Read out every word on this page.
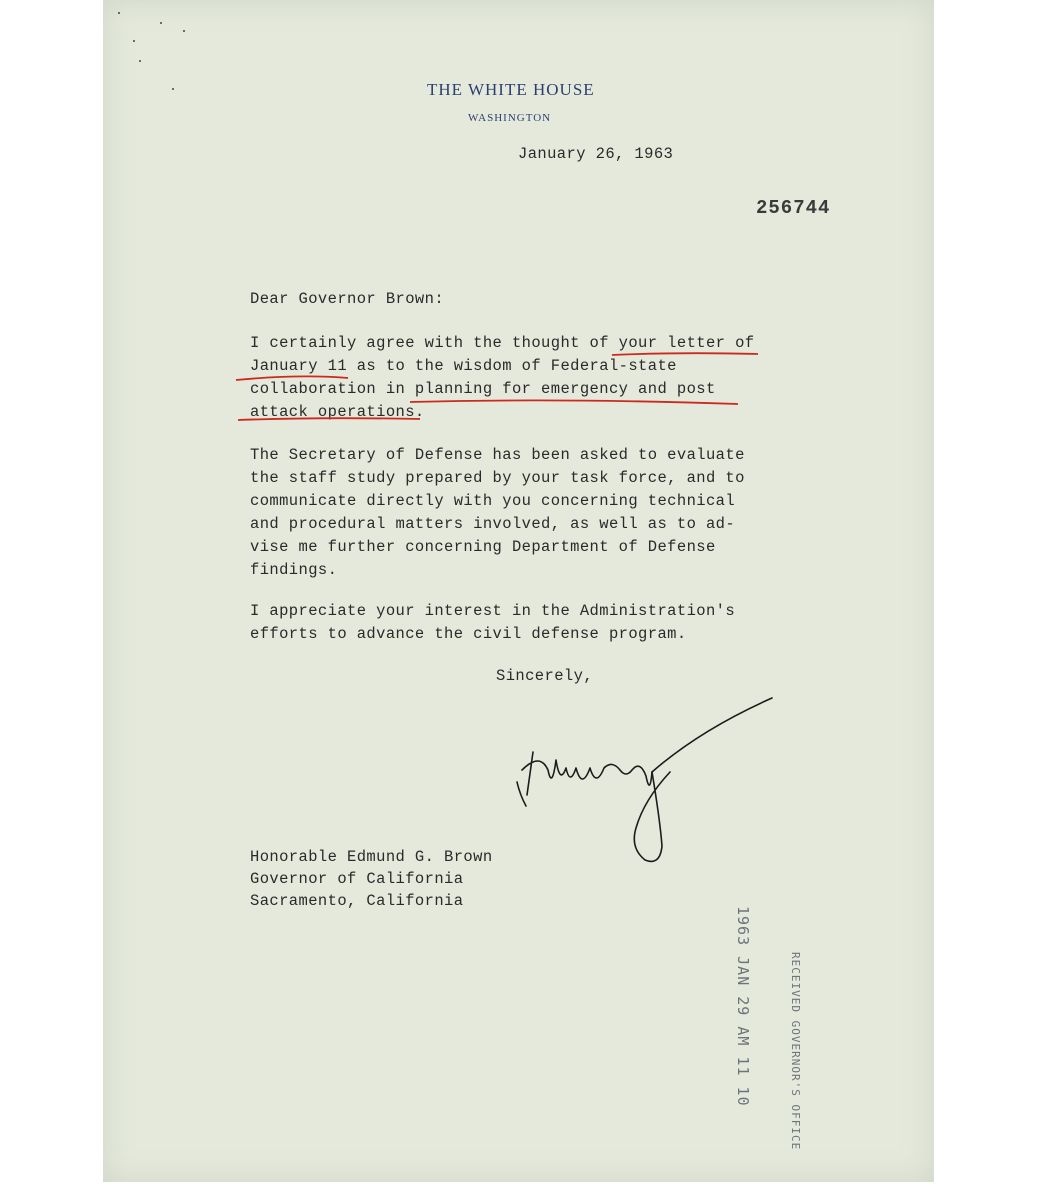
THE WHITE HOUSE
WASHINGTON
January 26, 1963
256744
Dear Governor Brown:
I certainly agree with the thought of your letter of
January 11 as to the wisdom of Federal-state
collaboration in planning for emergency and post
attack operations.
The Secretary of Defense has been asked to evaluate
the staff study prepared by your task force, and to
communicate directly with you concerning technical
and procedural matters involved, as well as to ad-
vise me further concerning Department of Defense
findings.
I appreciate your interest in the Administration's
efforts to advance the civil defense program.
Sincerely,
Honorable Edmund G. Brown
Governor of California
Sacramento, California
1963 JAN 29 AM 11 10	RECEIVED GOVERNOR'S OFFICE
